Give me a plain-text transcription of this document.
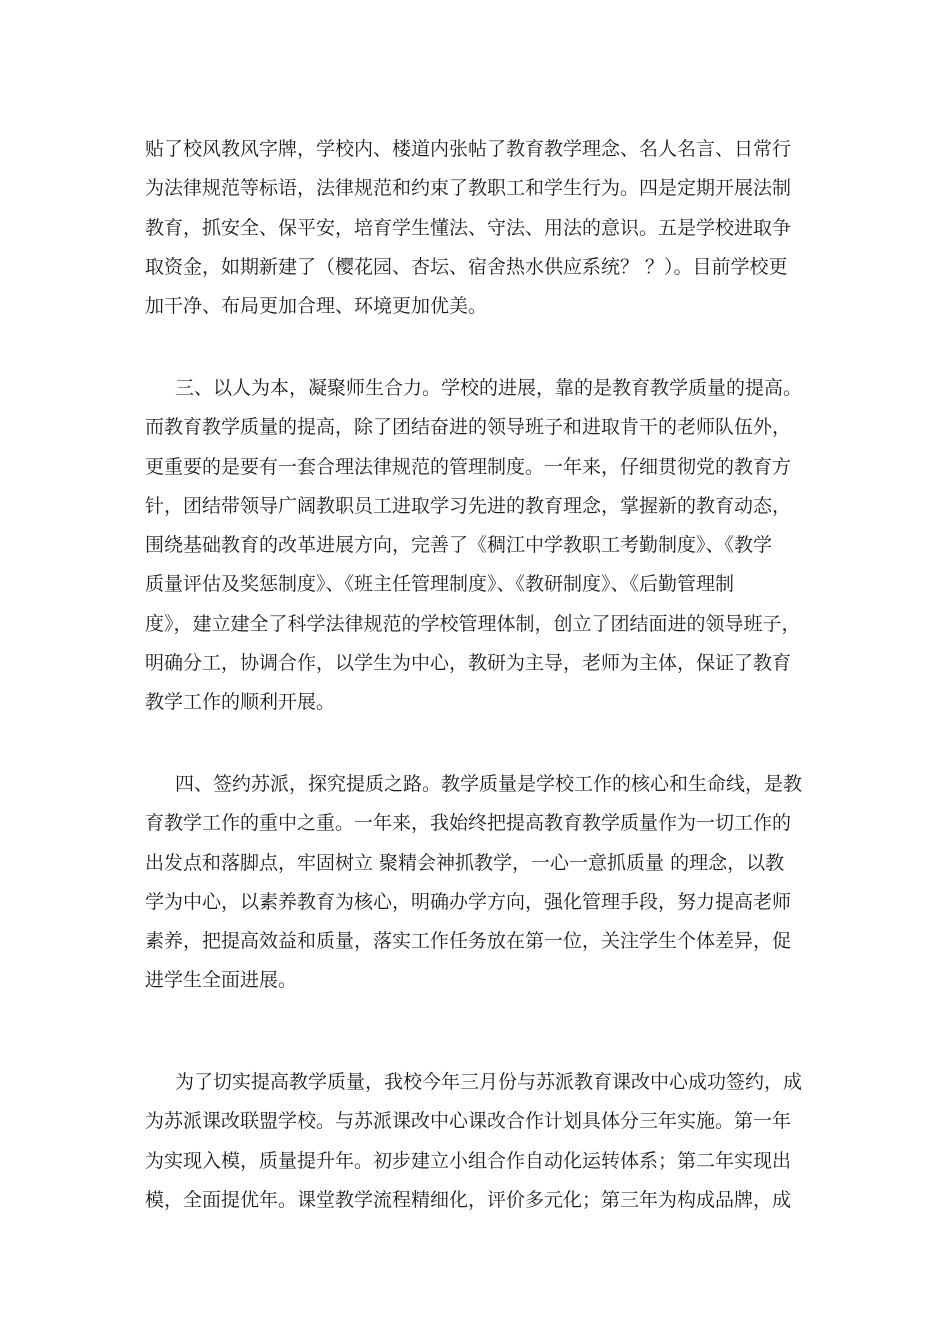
贴了校风教风字牌，学校内、楼道内张帖了教育教学理念、名人名言、日常行
为法律规范等标语，法律规范和约束了教职工和学生行为。四是定期开展法制
教育，抓安全、保平安，培育学生懂法、守法、用法的意识。五是学校进取争
取资金，如期新建了（樱花园、杏坛、宿舍热水供应系统？ ？）。目前学校更
加干净、布局更加合理、环境更加优美。
三、以人为本，凝聚师生合力。学校的进展，靠的是教育教学质量的提高。
而教育教学质量的提高，除了团结奋进的领导班子和进取肯干的老师队伍外，
更重要的是要有一套合理法律规范的管理制度。一年来，仔细贯彻党的教育方
针，团结带领导广阔教职员工进取学习先进的教育理念，掌握新的教育动态，
围绕基础教育的改革进展方向，完善了《稠江中学教职工考勤制度》、《教学
质量评估及奖惩制度》、《班主任管理制度》、《教研制度》、《后勤管理制
度》，建立建全了科学法律规范的学校管理体制，创立了团结面进的领导班子，
明确分工，协调合作，以学生为中心，教研为主导，老师为主体，保证了教育
教学工作的顺利开展。
四、签约苏派，探究提质之路。教学质量是学校工作的核心和生命线，是教
育教学工作的重中之重。一年来，我始终把提高教育教学质量作为一切工作的
出发点和落脚点，牢固树立 聚精会神抓教学，一心一意抓质量 的理念，以教
学为中心，以素养教育为核心，明确办学方向，强化管理手段，努力提高老师
素养，把提高效益和质量，落实工作任务放在第一位，关注学生个体差异，促
进学生全面进展。
为了切实提高教学质量，我校今年三月份与苏派教育课改中心成功签约，成
为苏派课改联盟学校。与苏派课改中心课改合作计划具体分三年实施。第一年
为实现入模，质量提升年。初步建立小组合作自动化运转体系；第二年实现出
模，全面提优年。课堂教学流程精细化，评价多元化；第三年为构成品牌，成
